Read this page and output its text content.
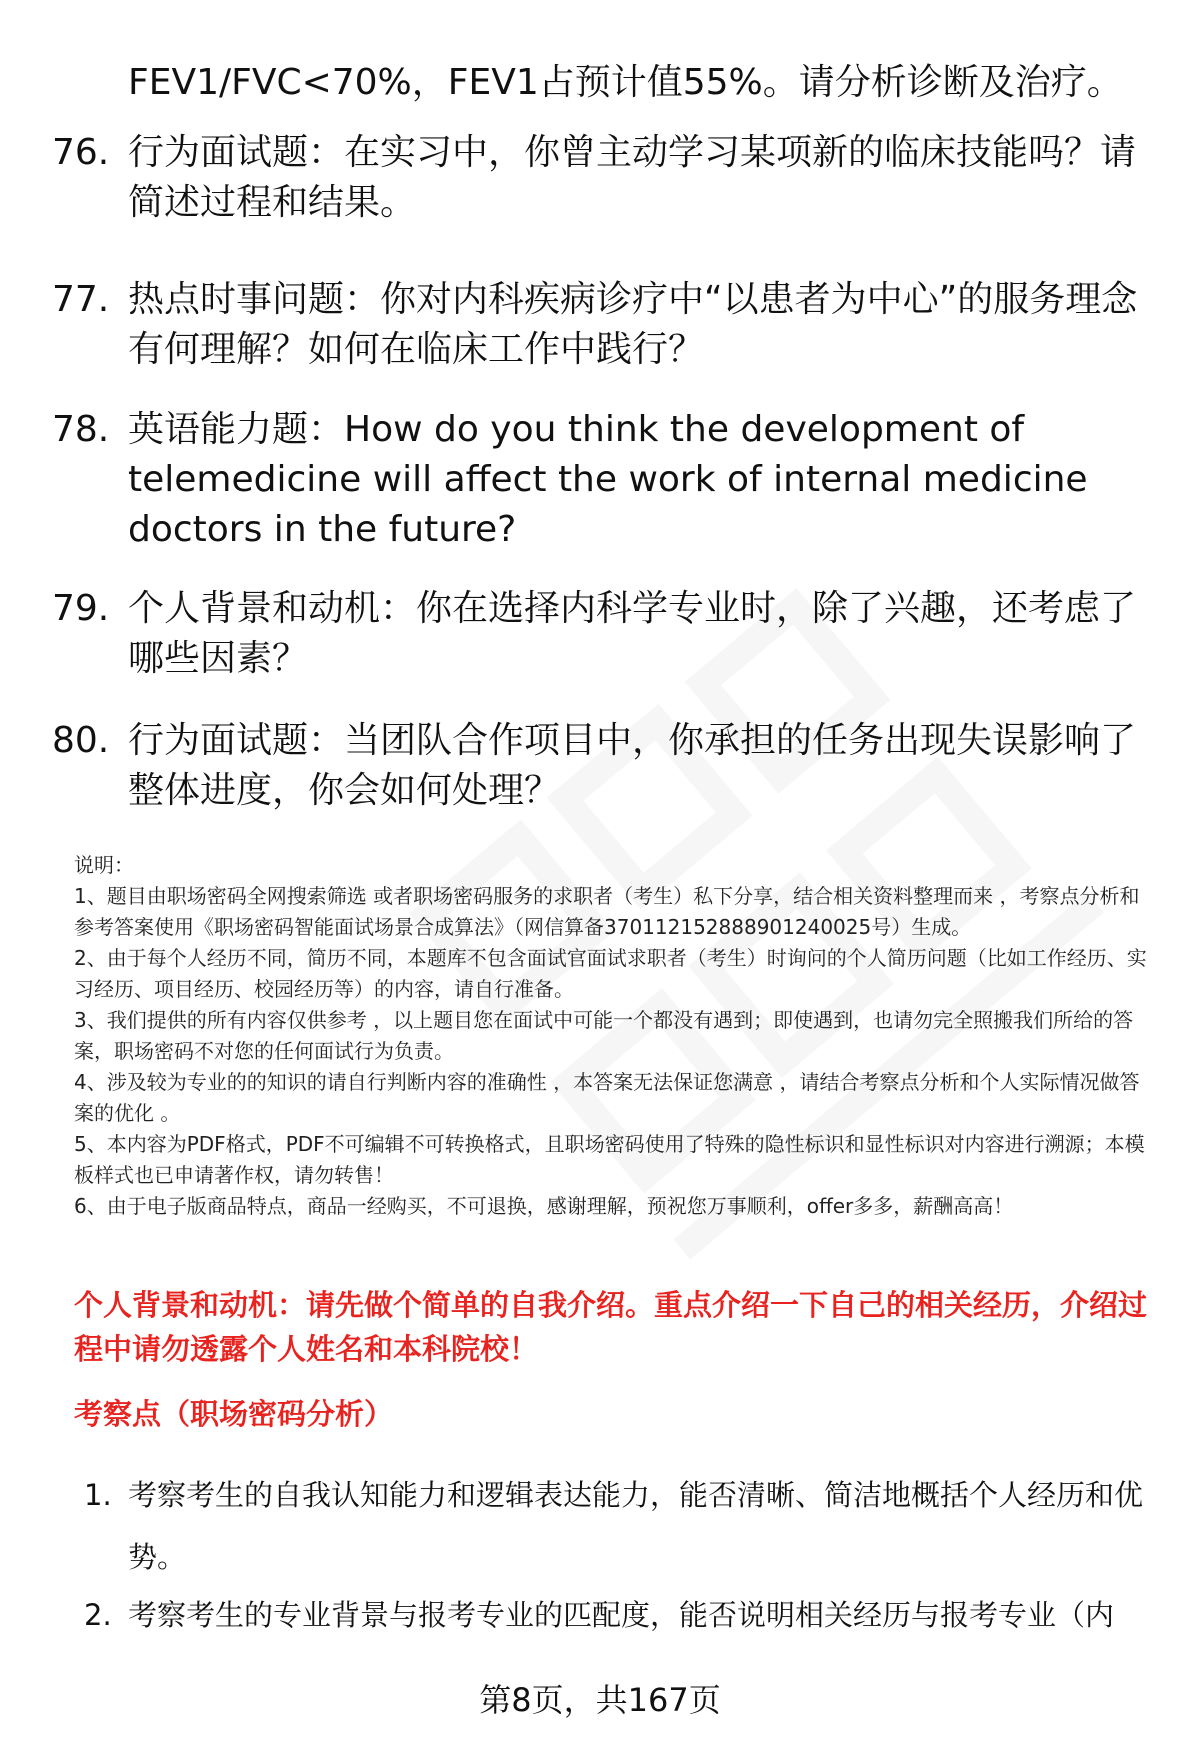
FEV1/FVC<70%，FEV1占预计值55%。请分析诊断及治疗。
76. 行为面试题：在实习中，你曾主动学习某项新的临床技能吗？请简述过程和结果。
77. 热点时事问题：你对内科疾病诊疗中“以患者为中心”的服务理念有何理解？如何在临床工作中践行？
78. 英语能力题：How do you think the development of telemedicine will affect the work of internal medicine doctors in the future?
79. 个人背景和动机：你在选择内科学专业时，除了兴趣，还考虑了哪些因素？
80. 行为面试题：当团队合作项目中，你承担的任务出现失误影响了整体进度，你会如何处理？

说明：

1、题目由职场密码全网搜索筛选 或者职场密码服务的求职者（考生）私下分享，结合相关资料整理而来 ，考察点分析和参考答案使用《职场密码智能面试场景合成算法》（网信算备370112152888901240025号）生成。

2、由于每个人经历不同，简历不同，本题库不包含面试官面试求职者（考生）时询问的个人简历问题（比如工作经历、实习经历、项目经历、校园经历等）的内容，请自行准备。

3、我们提供的所有内容仅供参考 ，以上题目您在面试中可能一个都没有遇到；即使遇到，也请勿完全照搬我们所给的答案，职场密码不对您的任何面试行为负责。

4、涉及较为专业的的知识的请自行判断内容的准确性 ，本答案无法保证您满意 ，请结合考察点分析和个人实际情况做答案的优化 。

5、本内容为PDF格式，PDF不可编辑不可转换格式，且职场密码使用了特殊的隐性标识和显性标识对内容进行溯源；本模板样式也已申请著作权，请勿转售！

6、由于电子版商品特点，商品一经购买，不可退换，感谢理解，预祝您万事顺利，offer多多，薪酬高高！

个人背景和动机：请先做个简单的自我介绍。重点介绍一下自己的相关经历，介绍过程中请勿透露个人姓名和本科院校！
考察点（职场密码分析）
1. 考察考生的自我认知能力和逻辑表达能力，能否清晰、简洁地概括个人经历和优势。
2. 考察考生的专业背景与报考专业的匹配度，能否说明相关经历与报考专业（内
第8页，共167页
